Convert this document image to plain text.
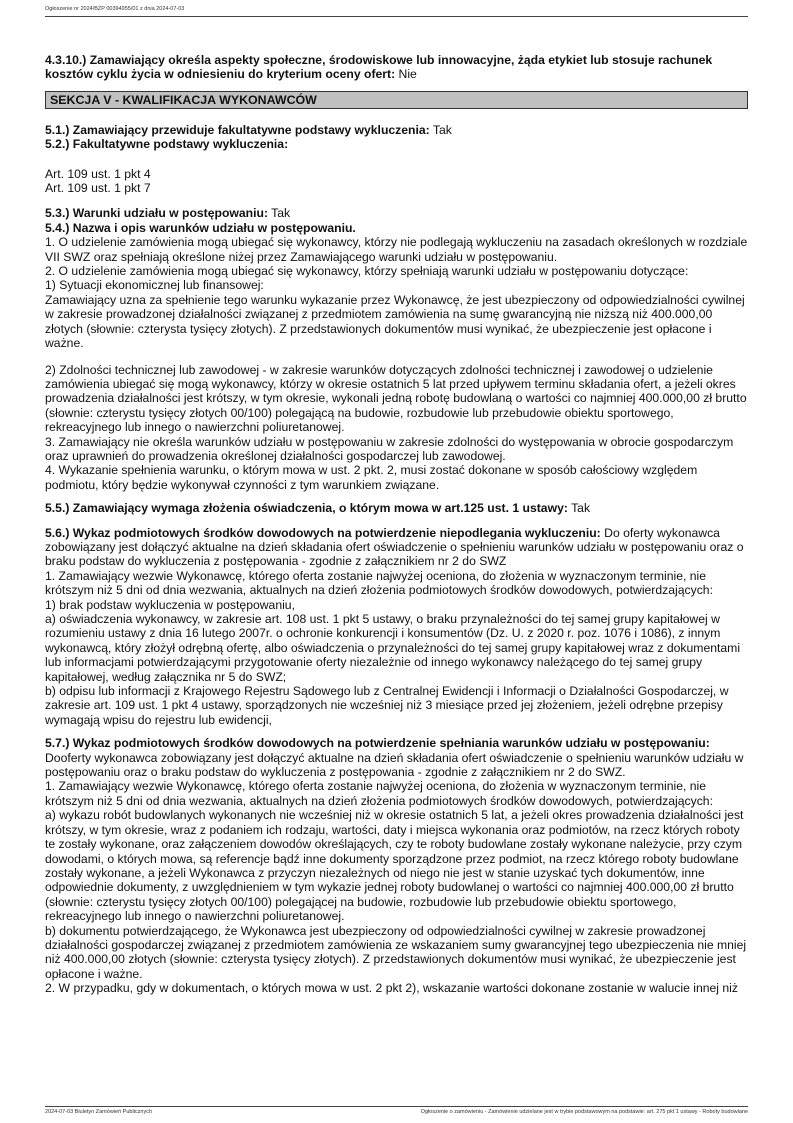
Ogłoszenie nr 2024/BZP 00394955/01 z dnia 2024-07-03

4.3.10.) Zamawiający określa aspekty społeczne, środowiskowe lub innowacyjne, żąda etykiet lub stosuje rachunek kosztów cyklu życia w odniesieniu do kryterium oceny ofert: Nie

SEKCJA V - KWALIFIKACJA WYKONAWCÓW

5.1.) Zamawiający przewiduje fakultatywne podstawy wykluczenia: Tak

5.2.) Fakultatywne podstawy wykluczenia:

Art. 109 ust. 1 pkt 4

Art. 109 ust. 1 pkt 7

5.3.) Warunki udziału w postępowaniu: Tak

5.4.) Nazwa i opis warunków udziału w postępowaniu.

1. O udzielenie zamówienia mogą ubiegać się wykonawcy, którzy nie podlegają wykluczeniu na zasadach określonych w rozdziale VII SWZ oraz spełniają określone niżej przez Zamawiającego warunki udziału w postępowaniu.

2. O udzielenie zamówienia mogą ubiegać się wykonawcy, którzy spełniają warunki udziału w postępowaniu dotyczące:

1) Sytuacji ekonomicznej lub finansowej:

Zamawiający uzna za spełnienie tego warunku wykazanie przez Wykonawcę, że jest ubezpieczony od odpowiedzialności cywilnej w zakresie prowadzonej działalności związanej z przedmiotem zamówienia na sumę gwarancyjną nie niższą niż 400.000,00 złotych (słownie: czterysta tysięcy złotych). Z przedstawionych dokumentów musi wynikać, że ubezpieczenie jest opłacone i ważne.

2) Zdolności technicznej lub zawodowej - w zakresie warunków dotyczących zdolności technicznej i zawodowej o udzielenie zamówienia ubiegać się mogą wykonawcy, którzy w okresie ostatnich 5 lat przed upływem terminu składania ofert, a jeżeli okres prowadzenia działalności jest krótszy, w tym okresie, wykonali jedną robotę budowlaną o wartości co najmniej 400.000,00 zł brutto (słownie: czterystu tysięcy złotych 00/100) polegającą na budowie, rozbudowie lub przebudowie obiektu sportowego, rekreacyjnego lub innego o nawierzchni poliuretanowej.

3. Zamawiający nie określa warunków udziału w postępowaniu w zakresie zdolności do występowania w obrocie gospodarczym oraz uprawnień do prowadzenia określonej działalności gospodarczej lub zawodowej.

4. Wykazanie spełnienia warunku, o którym mowa w ust. 2 pkt. 2, musi zostać dokonane w sposób całościowy względem podmiotu, który będzie wykonywał czynności z tym warunkiem związane.

5.5.) Zamawiający wymaga złożenia oświadczenia, o którym mowa w art.125 ust. 1 ustawy: Tak

5.6.) Wykaz podmiotowych środków dowodowych na potwierdzenie niepodlegania wykluczeniu: Do oferty wykonawca zobowiązany jest dołączyć aktualne na dzień składania ofert oświadczenie o spełnieniu warunków udziału w postępowaniu oraz o braku podstaw do wykluczenia z postępowania - zgodnie z załącznikiem nr 2 do SWZ

1. Zamawiający wezwie Wykonawcę, którego oferta zostanie najwyżej oceniona, do złożenia w wyznaczonym terminie, nie krótszym niż 5 dni od dnia wezwania, aktualnych na dzień złożenia podmiotowych środków dowodowych, potwierdzających:

1) brak podstaw wykluczenia w postępowaniu,

a) oświadczenia wykonawcy, w zakresie art. 108 ust. 1 pkt 5 ustawy, o braku przynależności do tej samej grupy kapitałowej w rozumieniu ustawy z dnia 16 lutego 2007r. o ochronie konkurencji i konsumentów (Dz. U. z 2020 r. poz. 1076 i 1086), z innym wykonawcą, który złożył odrębną ofertę, albo oświadczenia o przynależności do tej samej grupy kapitałowej wraz z dokumentami lub informacjami potwierdzającymi przygotowanie oferty niezależnie od innego wykonawcy należącego do tej samej grupy kapitałowej, według załącznika nr 5 do SWZ;

b) odpisu lub informacji z Krajowego Rejestru Sądowego lub z Centralnej Ewidencji i Informacji o Działalności Gospodarczej, w zakresie art. 109 ust. 1 pkt 4 ustawy, sporządzonych nie wcześniej niż 3 miesiące przed jej złożeniem, jeżeli odrębne przepisy wymagają wpisu do rejestru lub ewidencji,

5.7.) Wykaz podmiotowych środków dowodowych na potwierdzenie spełniania warunków udziału w postępowaniu: Dooferty wykonawca zobowiązany jest dołączyć aktualne na dzień składania ofert oświadczenie o spełnieniu warunków udziału w postępowaniu oraz o braku podstaw do wykluczenia z postępowania - zgodnie z załącznikiem nr 2 do SWZ.

1. Zamawiający wezwie Wykonawcę, którego oferta zostanie najwyżej oceniona, do złożenia w wyznaczonym terminie, nie krótszym niż 5 dni od dnia wezwania, aktualnych na dzień złożenia podmiotowych środków dowodowych, potwierdzających:

a) wykazu robót budowlanych wykonanych nie wcześniej niż w okresie ostatnich 5 lat, a jeżeli okres prowadzenia działalności jest krótszy, w tym okresie, wraz z podaniem ich rodzaju, wartości, daty i miejsca wykonania oraz podmiotów, na rzecz których roboty te zostały wykonane, oraz załączeniem dowodów określających, czy te roboty budowlane zostały wykonane należycie, przy czym dowodami, o których mowa, są referencje bądź inne dokumenty sporządzone przez podmiot, na rzecz którego roboty budowlane zostały wykonane, a jeżeli Wykonawca z przyczyn niezależnych od niego nie jest w stanie uzyskać tych dokumentów, inne odpowiednie dokumenty, z uwzględnieniem w tym wykazie jednej roboty budowlanej o wartości co najmniej 400.000,00 zł brutto (słownie: czterystu tysięcy złotych 00/100) polegającej na budowie, rozbudowie lub przebudowie obiektu sportowego, rekreacyjnego lub innego o nawierzchni poliuretanowej.

b) dokumentu potwierdzającego, że Wykonawca jest ubezpieczony od odpowiedzialności cywilnej w zakresie prowadzonej działalności gospodarczej związanej z przedmiotem zamówienia ze wskazaniem sumy gwarancyjnej tego ubezpieczenia nie mniej niż 400.000,00 złotych (słownie: czterysta tysięcy złotych). Z przedstawionych dokumentów musi wynikać, że ubezpieczenie jest opłacone i ważne.

2. W przypadku, gdy w dokumentach, o których mowa w ust. 2 pkt 2), wskazanie wartości dokonane zostanie w walucie innej niż

2024-07-03 Biuletyn Zamówień Publicznych	Ogłoszenie o zamówieniu - Zamówienie udzielane jest w trybie podstawowym na podstawie: art. 275 pkt 1 ustawy - Roboty budowlane
